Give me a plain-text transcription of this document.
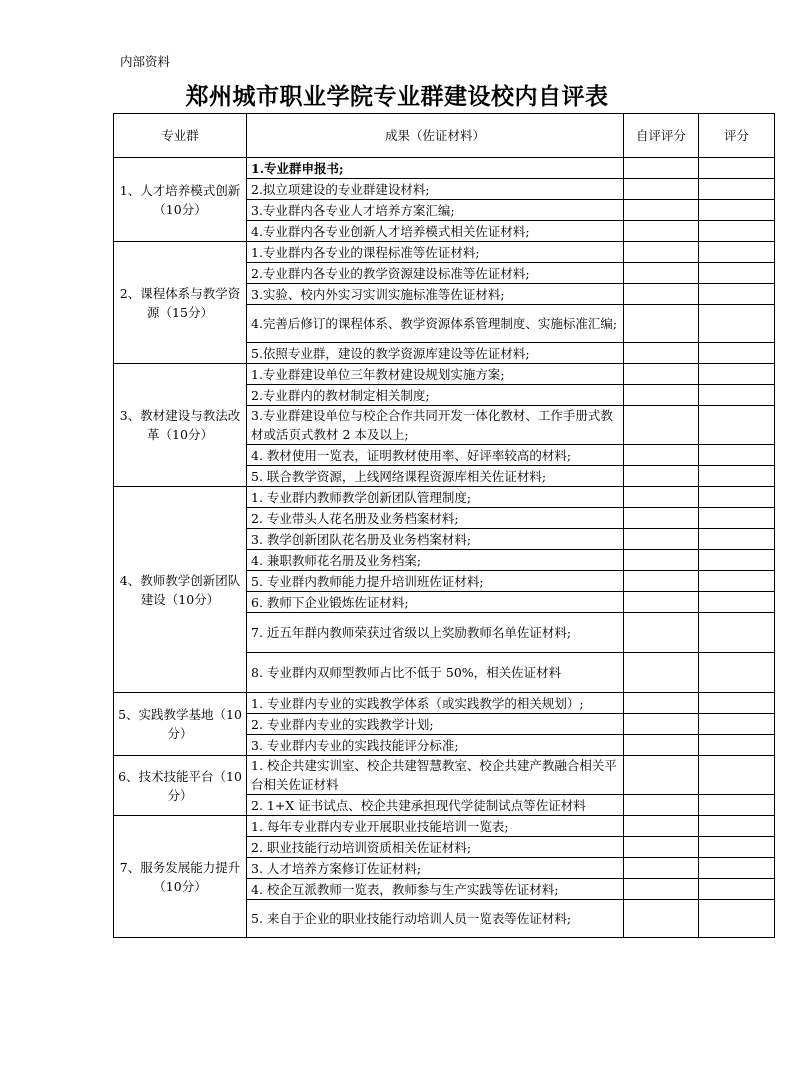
内部资料
郑州城市职业学院专业群建设校内自评表
专业群	成果（佐证材料）	自评评分	评分
1、人才培养模式创新（10分）	1.专业群申报书;		
	2.拟立项建设的专业群建设材料;		
	3.专业群内各专业人才培养方案汇编;		
	4.专业群内各专业创新人才培养模式相关佐证材料;		
2、课程体系与教学资源（15分）	1.专业群内各专业的课程标准等佐证材料;		
	2.专业群内各专业的教学资源建设标准等佐证材料;		
	3.实验、校内外实习实训实施标准等佐证材料;		
	4.完善后修订的课程体系、教学资源体系管理制度、实施标准汇编;		
	5.依照专业群，建设的教学资源库建设等佐证材料;		
3、教材建设与教法改革（10分）	1.专业群建设单位三年教材建设规划实施方案;		
	2.专业群内的教材制定相关制度;		
	3.专业群建设单位与校企合作共同开发一体化教材、工作手册式教材或活页式教材 2 本及以上;		
	4. 教材使用一览表，证明教材使用率、好评率较高的材料;		
	5. 联合教学资源，上线网络课程资源库相关佐证材料;		
4、教师教学创新团队建设（10分）	1. 专业群内教师教学创新团队管理制度;		
	2. 专业带头人花名册及业务档案材料;		
	3. 教学创新团队花名册及业务档案材料;		
	4. 兼职教师花名册及业务档案;		
	5. 专业群内教师能力提升培训班佐证材料;		
	6. 教师下企业锻炼佐证材料;		
	7. 近五年群内教师荣获过省级以上奖励教师名单佐证材料;		
	8. 专业群内双师型教师占比不低于 50%，相关佐证材料		
5、实践教学基地（10分）	1. 专业群内专业的实践教学体系（或实践教学的相关规划）;		
	2. 专业群内专业的实践教学计划;		
	3. 专业群内专业的实践技能评分标准;		
6、技术技能平台（10分）	1. 校企共建实训室、校企共建智慧教室、校企共建产教融合相关平台相关佐证材料		
	2. 1+X 证书试点、校企共建承担现代学徒制试点等佐证材料		
7、服务发展能力提升（10分）	1. 每年专业群内专业开展职业技能培训一览表;		
	2. 职业技能行动培训资质相关佐证材料;		
	3. 人才培养方案修订佐证材料;		
	4. 校企互派教师一览表，教师参与生产实践等佐证材料;		
	5. 来自于企业的职业技能行动培训人员一览表等佐证材料;		
